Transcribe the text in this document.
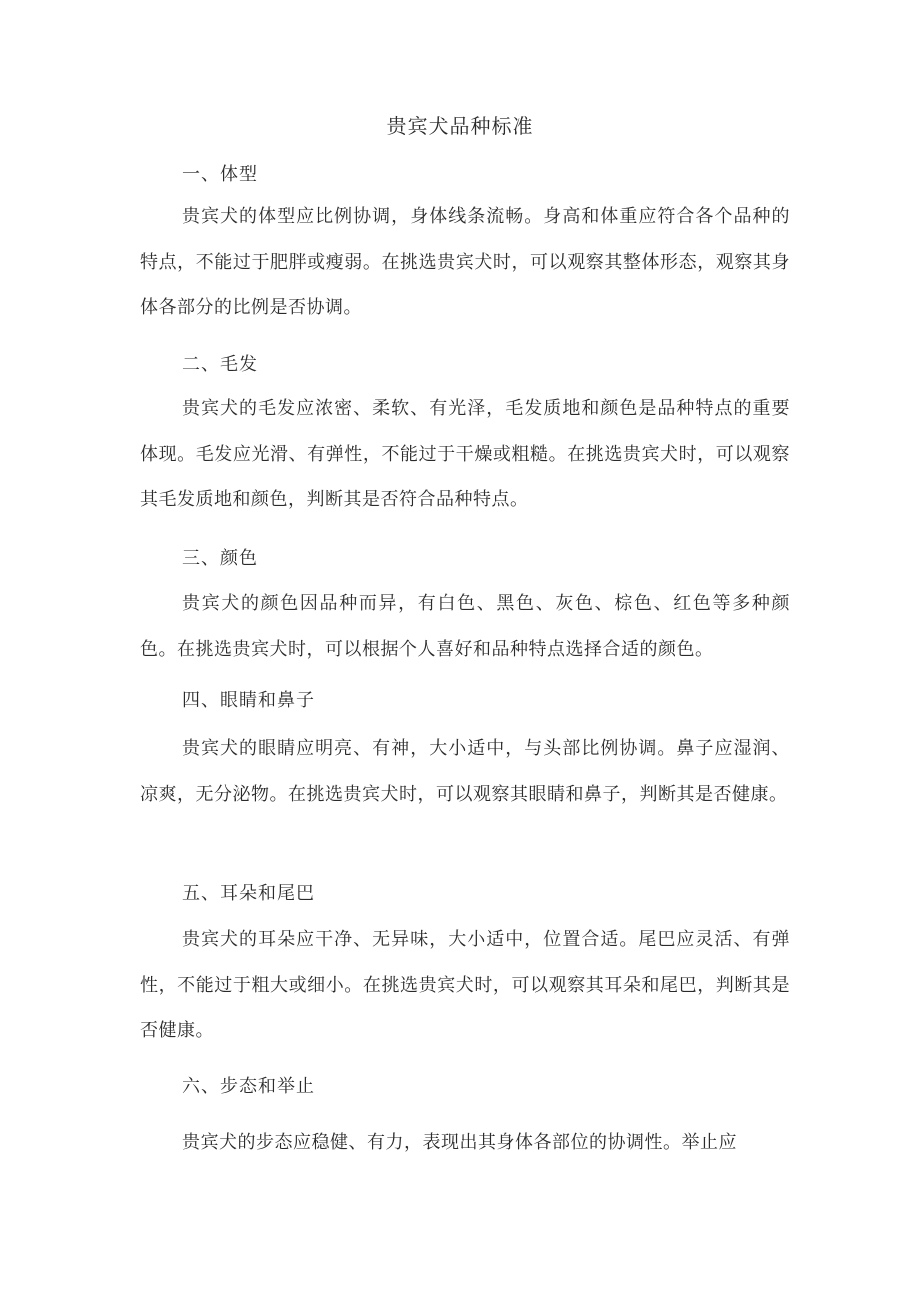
贵宾犬品种标准
一、体型
贵宾犬的体型应比例协调，身体线条流畅。身高和体重应符合各个品种的特点，不能过于肥胖或瘦弱。在挑选贵宾犬时，可以观察其整体形态，观察其身体各部分的比例是否协调。
二、毛发
贵宾犬的毛发应浓密、柔软、有光泽，毛发质地和颜色是品种特点的重要体现。毛发应光滑、有弹性，不能过于干燥或粗糙。在挑选贵宾犬时，可以观察其毛发质地和颜色，判断其是否符合品种特点。
三、颜色
贵宾犬的颜色因品种而异，有白色、黑色、灰色、棕色、红色等多种颜色。在挑选贵宾犬时，可以根据个人喜好和品种特点选择合适的颜色。
四、眼睛和鼻子
贵宾犬的眼睛应明亮、有神，大小适中，与头部比例协调。鼻子应湿润、凉爽，无分泌物。在挑选贵宾犬时，可以观察其眼睛和鼻子，判断其是否健康。
五、耳朵和尾巴
贵宾犬的耳朵应干净、无异味，大小适中，位置合适。尾巴应灵活、有弹性，不能过于粗大或细小。在挑选贵宾犬时，可以观察其耳朵和尾巴，判断其是否健康。
六、步态和举止
贵宾犬的步态应稳健、有力，表现出其身体各部位的协调性。举止应
